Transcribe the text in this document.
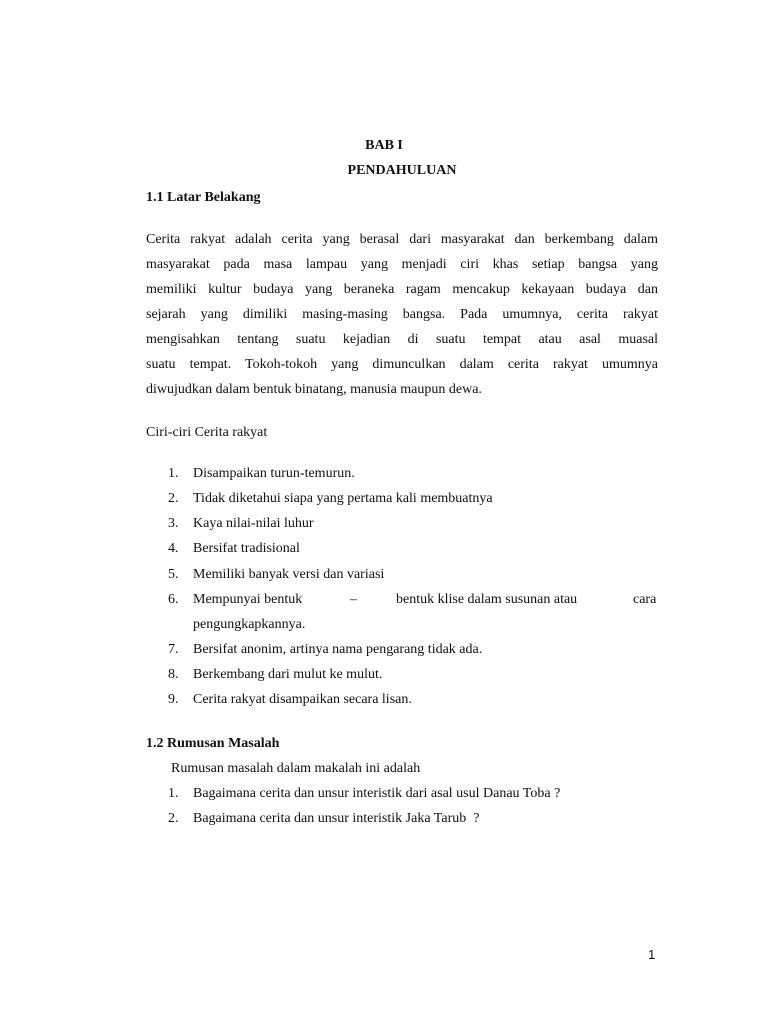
BAB I
PENDAHULUAN
1.1 Latar Belakang
Cerita rakyat adalah cerita yang berasal dari masyarakat dan berkembang dalam
masyarakat pada masa lampau yang menjadi ciri khas setiap bangsa yang
memiliki kultur budaya yang beraneka ragam mencakup kekayaan budaya dan
sejarah yang dimiliki masing-masing bangsa. Pada umumnya, cerita rakyat
mengisahkan tentang suatu kejadian di suatu tempat atau asal muasal
suatu tempat. Tokoh-tokoh yang dimunculkan dalam cerita rakyat umumnya
diwujudkan dalam bentuk binatang, manusia maupun dewa.
Ciri-ciri Cerita rakyat
1. Disampaikan turun-temurun.
2. Tidak diketahui siapa yang pertama kali membuatnya
3. Kaya nilai-nilai luhur
4. Bersifat tradisional
5. Memiliki banyak versi dan variasi
6. Mempunyai bentuk	–	bentuk klise dalam susunan atau	cara
pengungkapkannya.
7. Bersifat anonim, artinya nama pengarang tidak ada.
8. Berkembang dari mulut ke mulut.
9. Cerita rakyat disampaikan secara lisan.
1.2 Rumusan Masalah
Rumusan masalah dalam makalah ini adalah
1. Bagaimana cerita dan unsur interistik dari asal usul Danau Toba ?
2. Bagaimana cerita dan unsur interistik Jaka Tarub  ?
1
